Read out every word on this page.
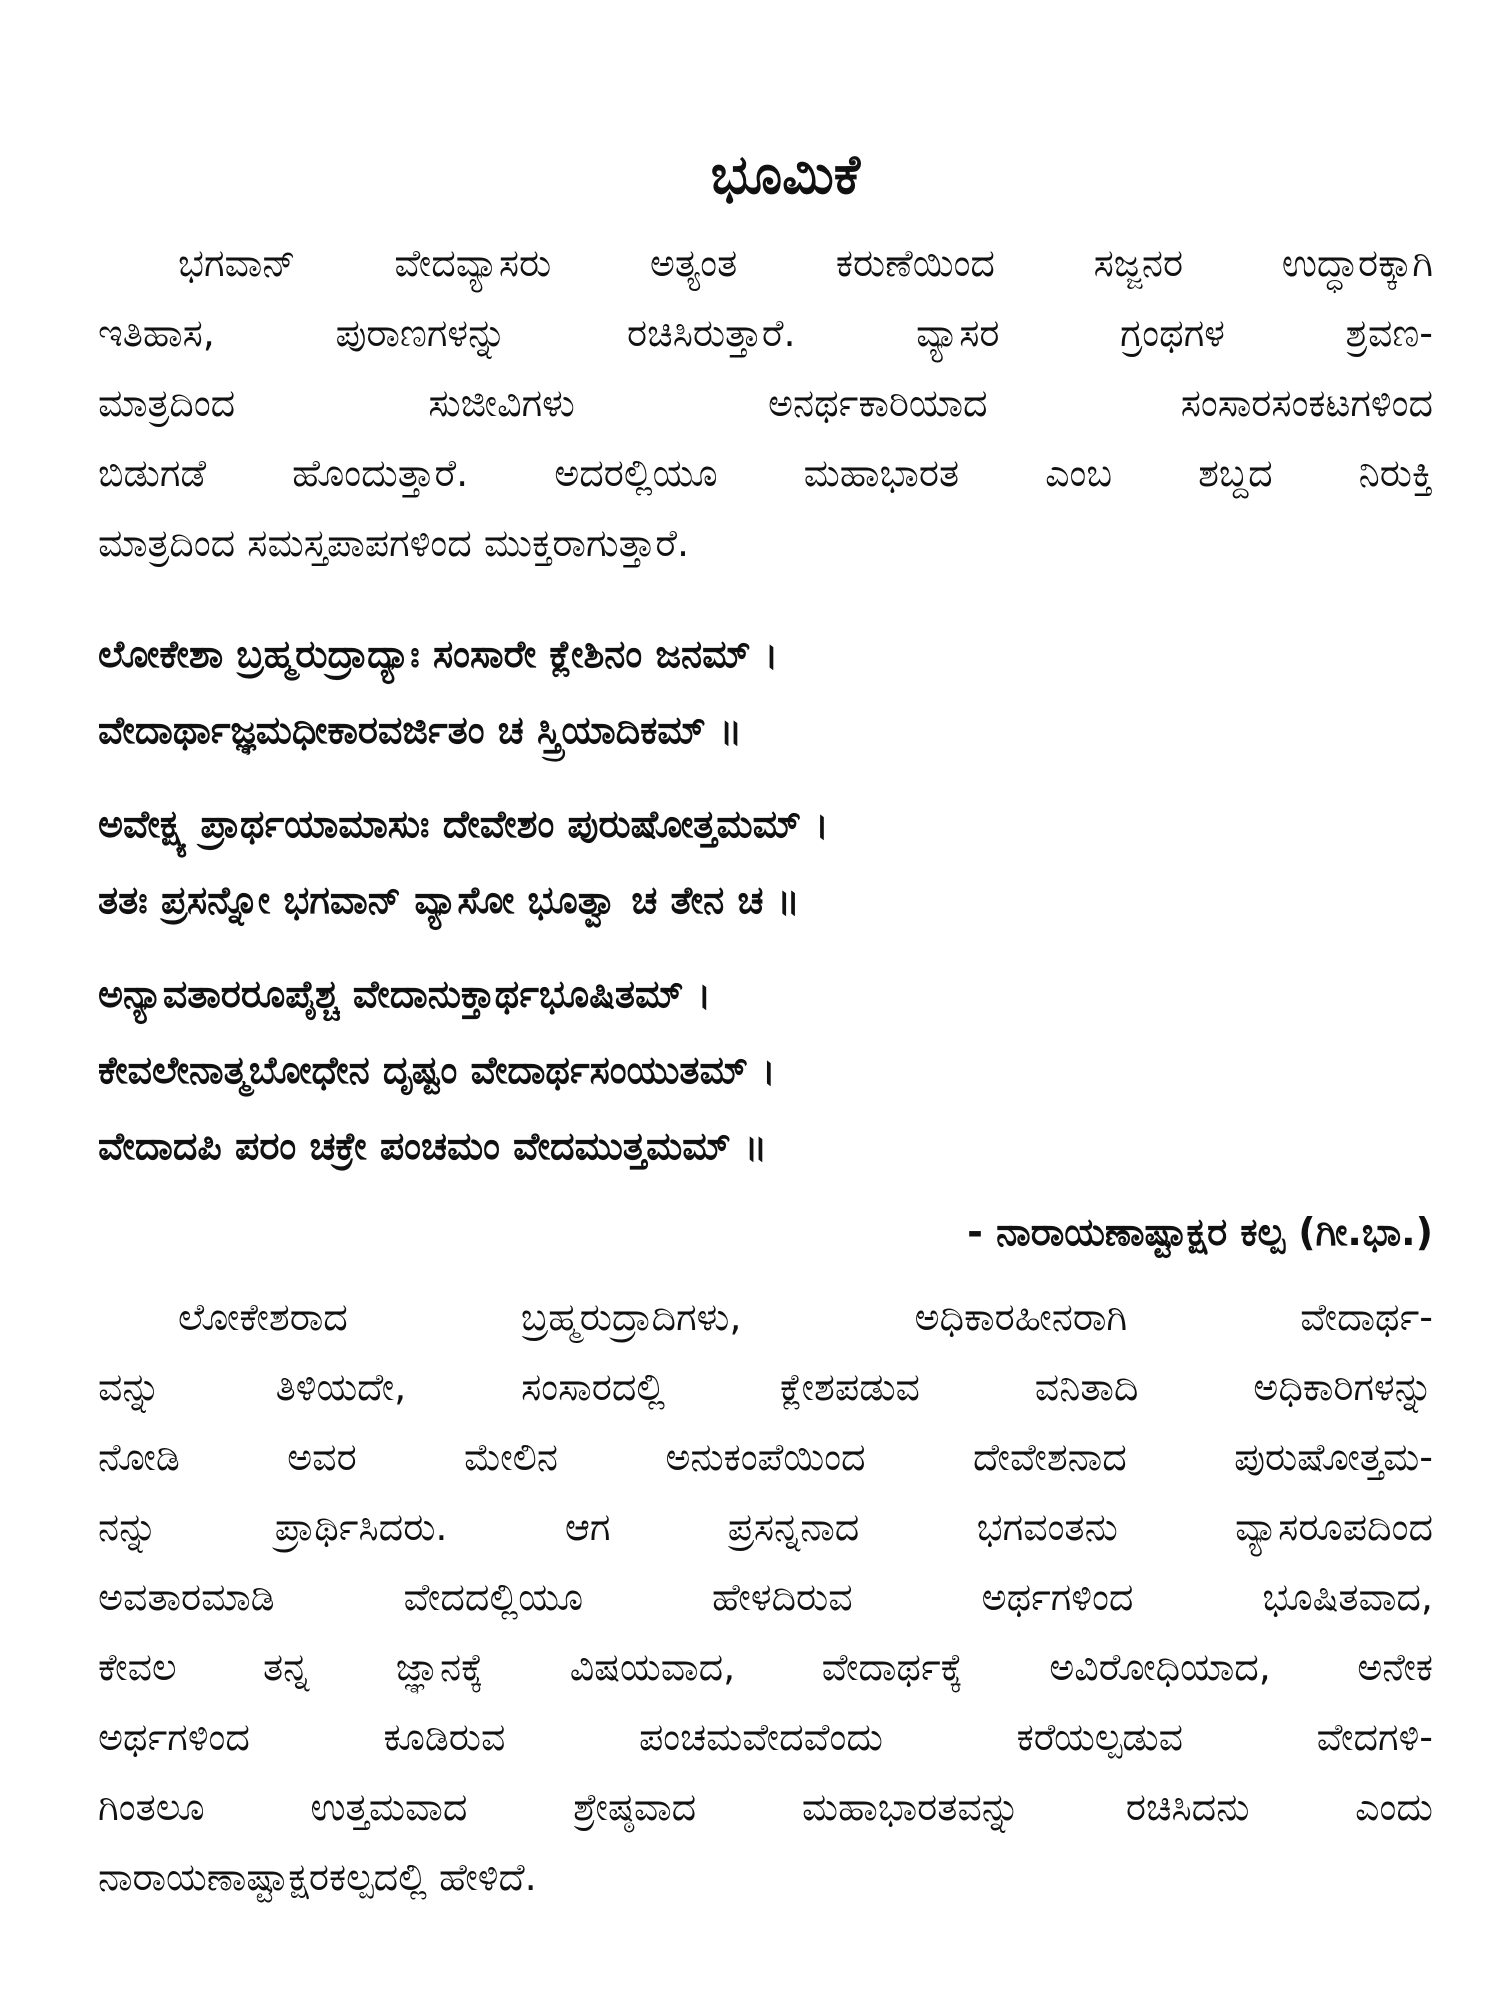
ಭೂಮಿಕೆ
ಭಗವಾನ್ ವೇದವ್ಯಾಸರು ಅತ್ಯಂತ ಕರುಣೆಯಿಂದ ಸಜ್ಜನರ ಉದ್ಧಾರಕ್ಕಾಗಿ
ಇತಿಹಾಸ, ಪುರಾಣಗಳನ್ನು ರಚಿಸಿರುತ್ತಾರೆ. ವ್ಯಾಸರ ಗ್ರಂಥಗಳ ಶ್ರವಣ-
ಮಾತ್ರದಿಂದ ಸುಜೀವಿಗಳು ಅನರ್ಥಕಾರಿಯಾದ ಸಂಸಾರಸಂಕಟಗಳಿಂದ
ಬಿಡುಗಡೆ ಹೊಂದುತ್ತಾರೆ. ಅದರಲ್ಲಿಯೂ ಮಹಾಭಾರತ ಎಂಬ ಶಬ್ದದ ನಿರುಕ್ತಿ
ಮಾತ್ರದಿಂದ ಸಮಸ್ತಪಾಪಗಳಿಂದ ಮುಕ್ತರಾಗುತ್ತಾರೆ.
ಲೋಕೇಶಾ ಬ್ರಹ್ಮರುದ್ರಾದ್ಯಾಃ ಸಂಸಾರೇ ಕ್ಲೇಶಿನಂ ಜನಮ್ ।
ವೇದಾರ್ಥಾಜ್ಞಮಧೀಕಾರವರ್ಜಿತಂ ಚ ಸ್ತ್ರಿಯಾದಿಕಮ್ ॥
ಅವೇಕ್ಷ್ಯ ಪ್ರಾರ್ಥಯಾಮಾಸುಃ ದೇವೇಶಂ ಪುರುಷೋತ್ತಮಮ್ ।
ತತಃ ಪ್ರಸನ್ನೋ ಭಗವಾನ್ ವ್ಯಾಸೋ ಭೂತ್ವಾ ಚ ತೇನ ಚ ॥
ಅನ್ಯಾವತಾರರೂಪೈಶ್ಚ ವೇದಾನುಕ್ತಾರ್ಥಭೂಷಿತಮ್ ।
ಕೇವಲೇನಾತ್ಮಬೋಧೇನ ದೃಷ್ಟಂ ವೇದಾರ್ಥಸಂಯುತಮ್ ।
ವೇದಾದಪಿ ಪರಂ ಚಕ್ರೇ ಪಂಚಮಂ ವೇದಮುತ್ತಮಮ್ ॥
- ನಾರಾಯಣಾಷ್ಟಾಕ್ಷರ ಕಲ್ಪ (ಗೀ.ಭಾ.)
ಲೋಕೇಶರಾದ ಬ್ರಹ್ಮರುದ್ರಾದಿಗಳು, ಅಧಿಕಾರಹೀನರಾಗಿ ವೇದಾರ್ಥ-
ವನ್ನು ತಿಳಿಯದೇ, ಸಂಸಾರದಲ್ಲಿ ಕ್ಲೇಶಪಡುವ ವನಿತಾದಿ ಅಧಿಕಾರಿಗಳನ್ನು
ನೋಡಿ ಅವರ ಮೇಲಿನ ಅನುಕಂಪೆಯಿಂದ ದೇವೇಶನಾದ ಪುರುಷೋತ್ತಮ-
ನನ್ನು ಪ್ರಾರ್ಥಿಸಿದರು. ಆಗ ಪ್ರಸನ್ನನಾದ ಭಗವಂತನು ವ್ಯಾಸರೂಪದಿಂದ
ಅವತಾರಮಾಡಿ ವೇದದಲ್ಲಿಯೂ ಹೇಳದಿರುವ ಅರ್ಥಗಳಿಂದ ಭೂಷಿತವಾದ,
ಕೇವಲ ತನ್ನ ಜ್ಞಾನಕ್ಕೆ ವಿಷಯವಾದ, ವೇದಾರ್ಥಕ್ಕೆ ಅವಿರೋಧಿಯಾದ, ಅನೇಕ
ಅರ್ಥಗಳಿಂದ ಕೂಡಿರುವ ಪಂಚಮವೇದವೆಂದು ಕರೆಯಲ್ಪಡುವ ವೇದಗಳಿ-
ಗಿಂತಲೂ ಉತ್ತಮವಾದ ಶ್ರೇಷ್ಠವಾದ ಮಹಾಭಾರತವನ್ನು ರಚಿಸಿದನು ಎಂದು
ನಾರಾಯಣಾಷ್ಟಾಕ್ಷರಕಲ್ಪದಲ್ಲಿ ಹೇಳಿದೆ.
